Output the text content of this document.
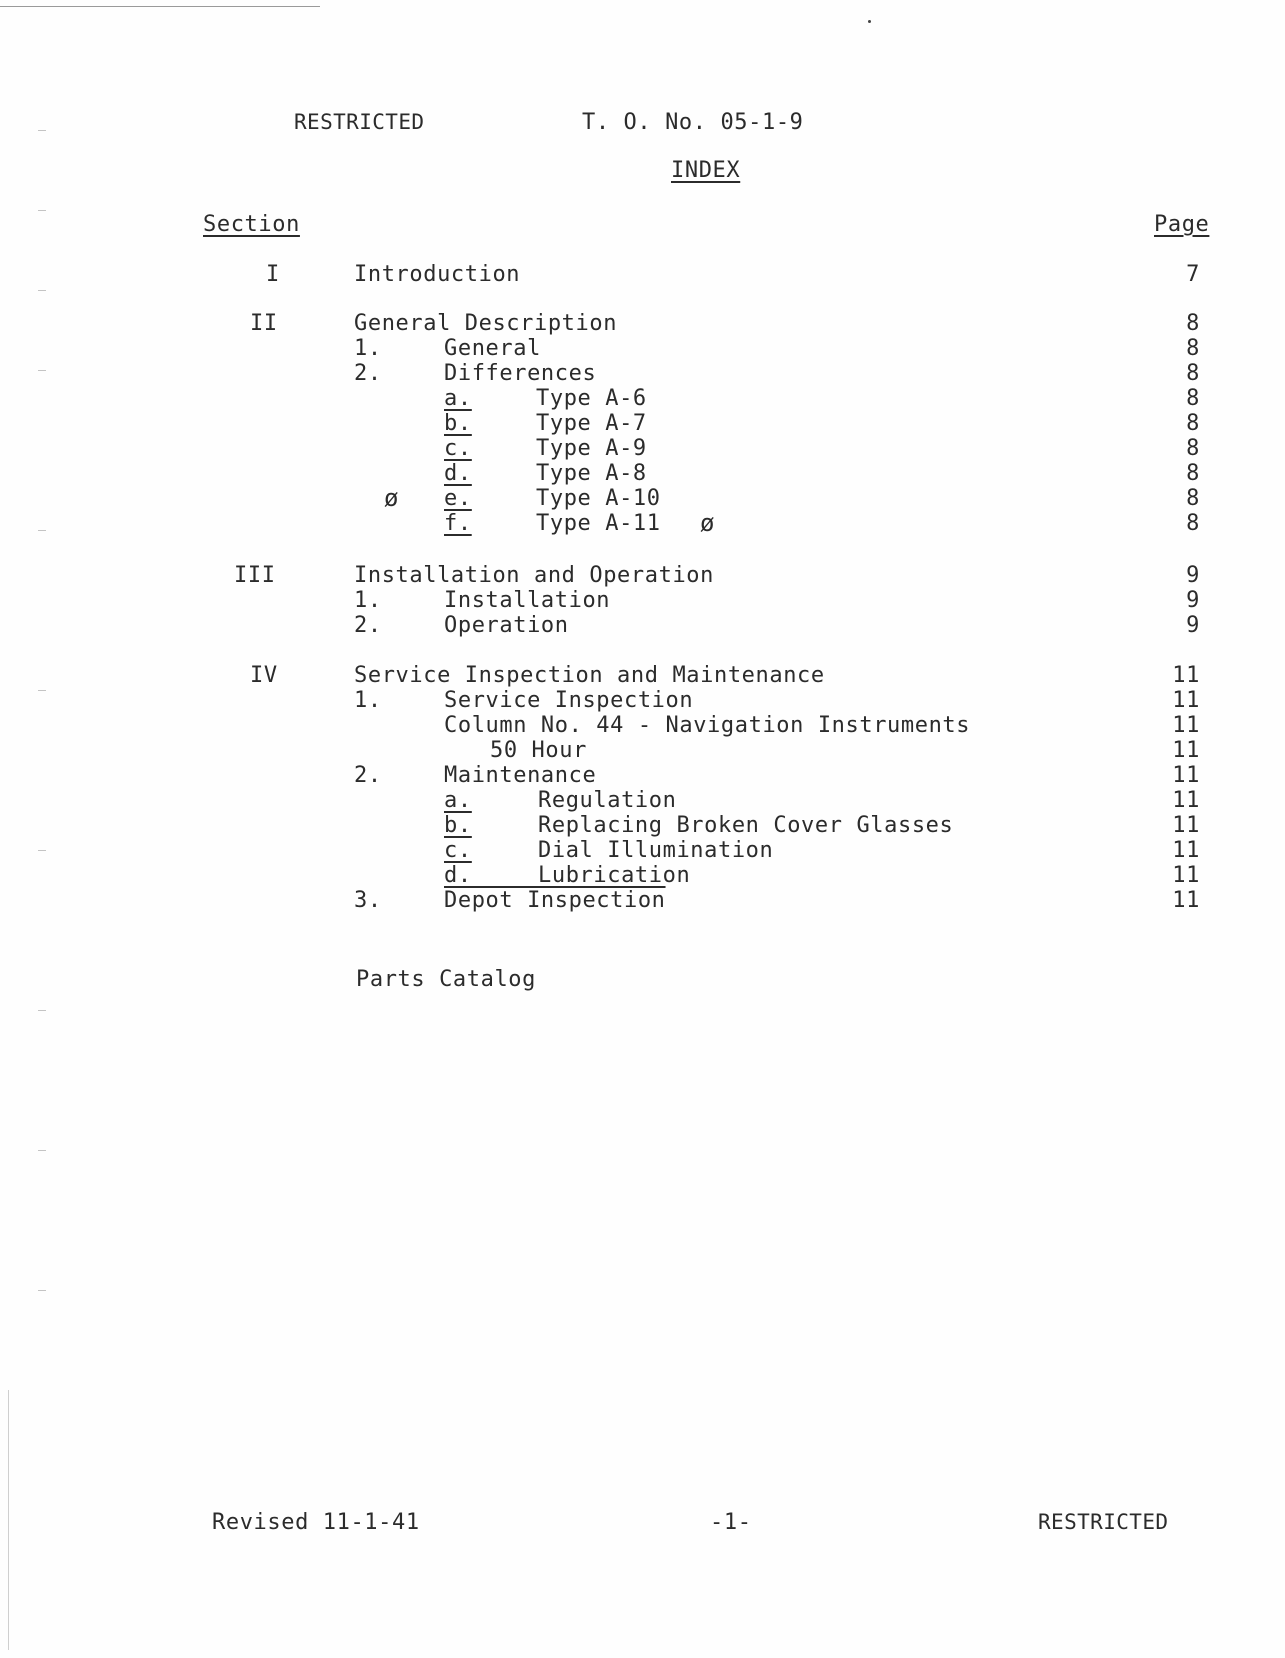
RESTRICTED	T. O. No. 05-1-9
INDEX
Section	Page
I	Introduction	7
II	General Description	8
1.	General	8
2.	Differences	8
a.	Type A-6	8
b.	Type A-7	8
c.	Type A-9	8
d.	Type A-8	8
ø e.	Type A-10	8
f.	Type A-11 ø	8
III	Installation and Operation	9
1.	Installation	9
2.	Operation	9
IV	Service Inspection and Maintenance	11
1.	Service Inspection	11
Column No. 44 - Navigation Instruments	11
50 Hour	11
2.	Maintenance	11
a.	Regulation	11
b.	Replacing Broken Cover Glasses	11
c.	Dial Illumination	11
d.	Lubrication	11
3.	Depot Inspection	11
Parts Catalog
Revised 11-1-41	-1-	RESTRICTED
